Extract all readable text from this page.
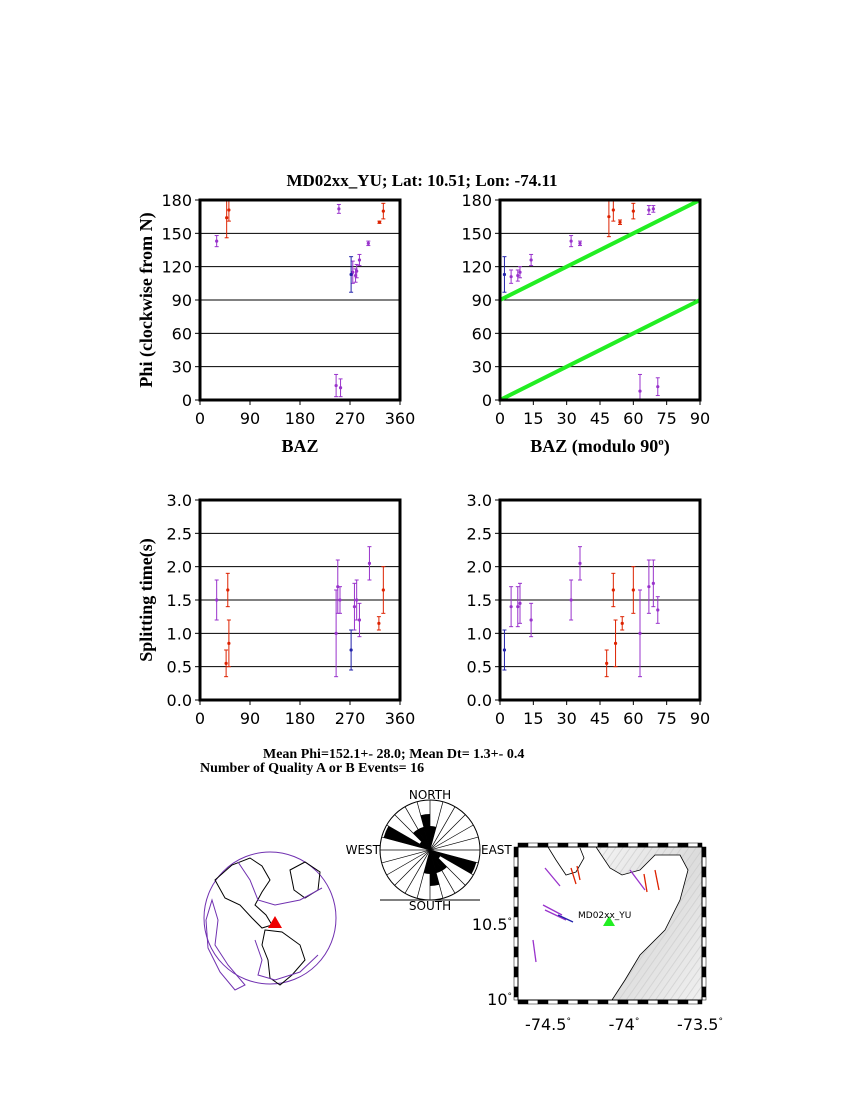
MD02xx_YU; Lat: 10.51; Lon: -74.11
0
30
60
90
120
150
180
0 90 180 270 360
0
30
60
90
120
150
180
0 15 30 45 60 75 90
0.0
0.5
1.0
1.5
2.0
2.5
3.0
0 90 180 270 360
0.0
0.5
1.0
1.5
2.0
2.5
3.0
0 15 30 45 60 75 90
Phi (clockwise from N)
BAZ	BAZ (modulo 90$^o$)
Splitting time(s)
Mean Phi=152.1+- 28.0; Mean Dt= 1.3+- 0.4
Number of Quality A or B Events= 16
NORTH
SOUTH
WEST	EAST
MD02xx_YU
10.5°
10°
-74.5° -74° -73.5°
